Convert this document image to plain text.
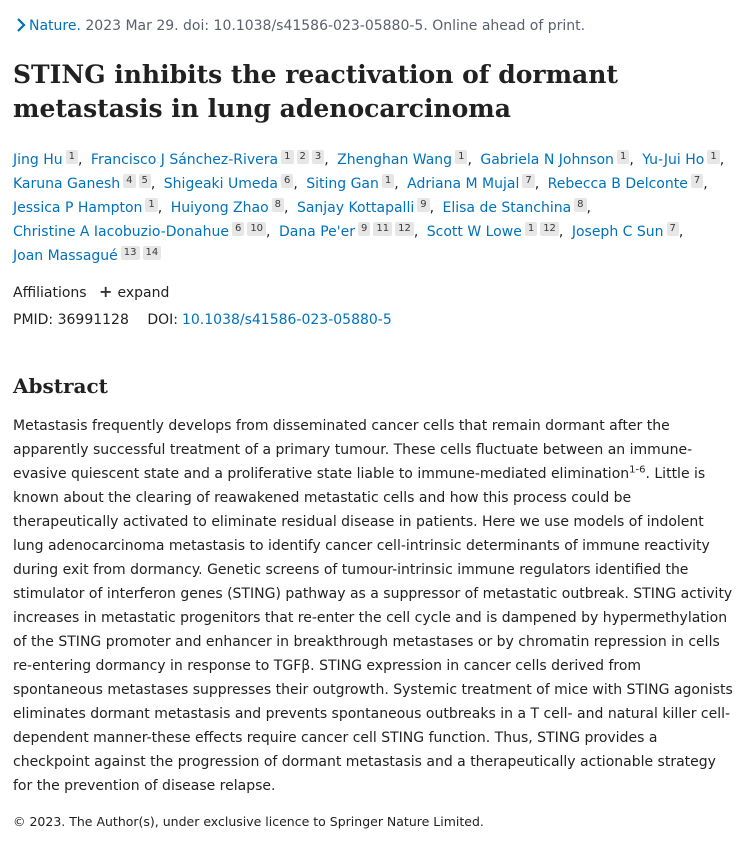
Nature. 2023 Mar 29. doi: 10.1038/s41586-023-05880-5. Online ahead of print.
STING inhibits the reactivation of dormant metastasis in lung adenocarcinoma
Jing Hu 1 , Francisco J Sánchez-Rivera 1 2 3 , Zhenghan Wang 1 , Gabriela N Johnson 1 , Yu-Jui Ho 1 , Karuna Ganesh 4 5 , Shigeaki Umeda 6 , Siting Gan 1 , Adriana M Mujal 7 , Rebecca B Delconte 7 , Jessica P Hampton 1 , Huiyong Zhao 8 , Sanjay Kottapalli 9 , Elisa de Stanchina 8 , Christine A Iacobuzio-Donahue 6 10 , Dana Pe'er 9 11 12 , Scott W Lowe 1 12 , Joseph C Sun 7 , Joan Massagué 13 14
Affiliations + expand
PMID: 36991128 DOI: 10.1038/s41586-023-05880-5
Abstract
Metastasis frequently develops from disseminated cancer cells that remain dormant after the apparently successful treatment of a primary tumour. These cells fluctuate between an immune-evasive quiescent state and a proliferative state liable to immune-mediated elimination$^{1-6}$. Little is known about the clearing of reawakened metastatic cells and how this process could be therapeutically activated to eliminate residual disease in patients. Here we use models of indolent lung adenocarcinoma metastasis to identify cancer cell-intrinsic determinants of immune reactivity during exit from dormancy. Genetic screens of tumour-intrinsic immune regulators identified the stimulator of interferon genes (STING) pathway as a suppressor of metastatic outbreak. STING activity increases in metastatic progenitors that re-enter the cell cycle and is dampened by hypermethylation of the STING promoter and enhancer in breakthrough metastases or by chromatin repression in cells re-entering dormancy in response to TGFβ. STING expression in cancer cells derived from spontaneous metastases suppresses their outgrowth. Systemic treatment of mice with STING agonists eliminates dormant metastasis and prevents spontaneous outbreaks in a T cell- and natural killer cell-dependent manner-these effects require cancer cell STING function. Thus, STING provides a checkpoint against the progression of dormant metastasis and a therapeutically actionable strategy for the prevention of disease relapse.
© 2023. The Author(s), under exclusive licence to Springer Nature Limited.
